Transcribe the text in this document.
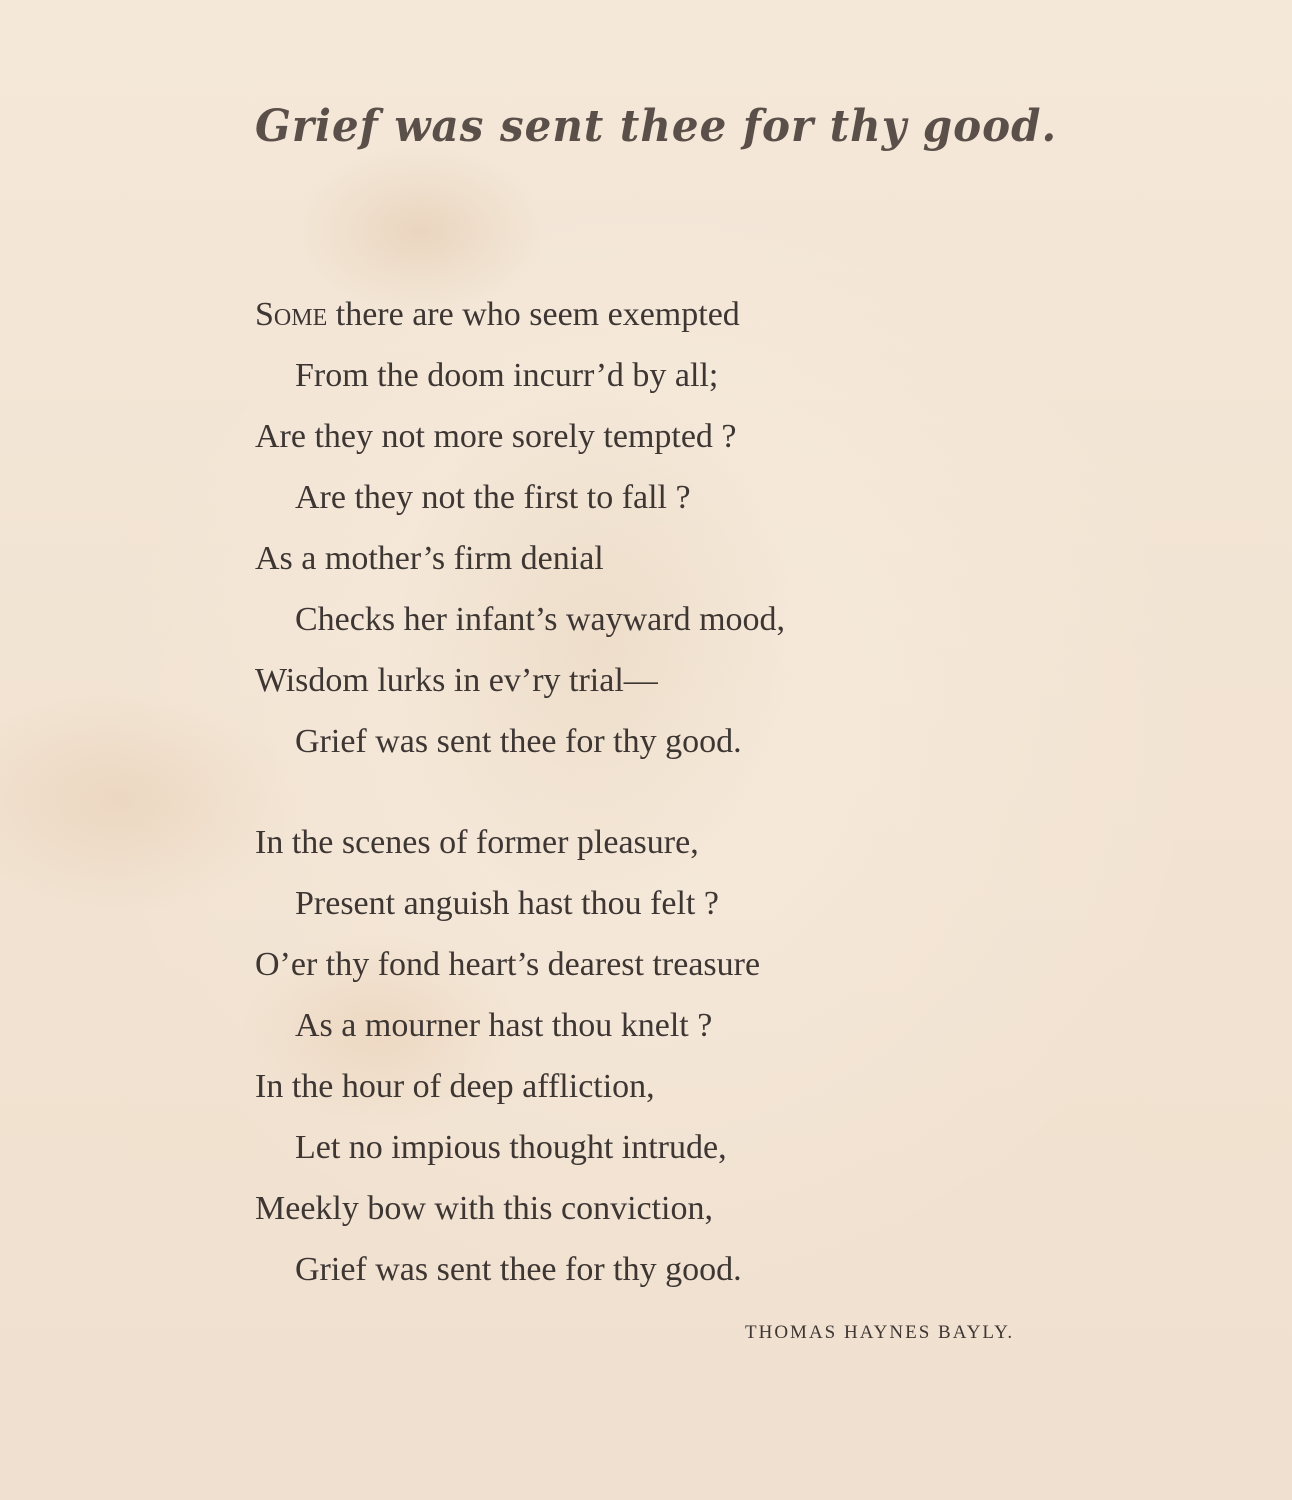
Grief was sent thee for thy good.
Some there are who seem exempted
From the doom incurr’d by all;
Are they not more sorely tempted ?
Are they not the first to fall ?
As a mother’s firm denial
Checks her infant’s wayward mood,
Wisdom lurks in ev’ry trial—
Grief was sent thee for thy good.
In the scenes of former pleasure,
Present anguish hast thou felt ?
O’er thy fond heart’s dearest treasure
As a mourner hast thou knelt ?
In the hour of deep affliction,
Let no impious thought intrude,
Meekly bow with this conviction,
Grief was sent thee for thy good.
THOMAS HAYNES BAYLY.
